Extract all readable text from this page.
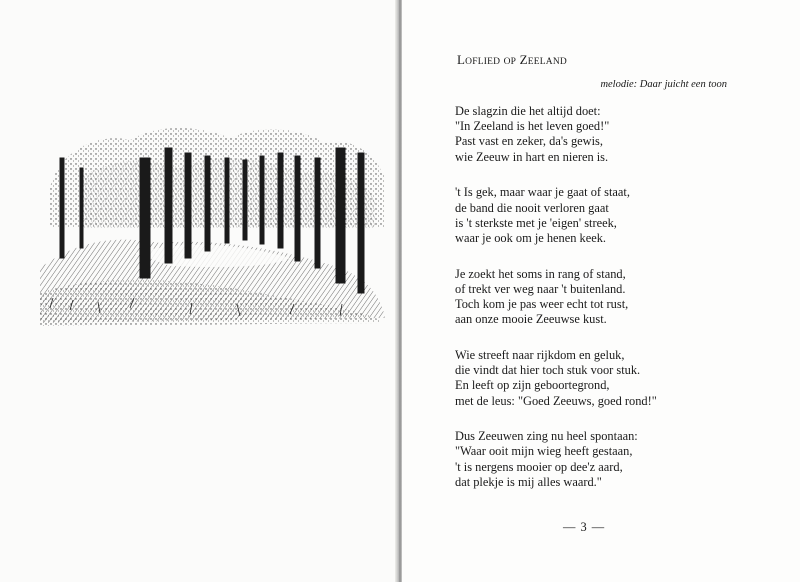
LOFLIED OP ZEELAND

melodie: Daar juicht een toon

De slagzin die het altijd doet:
"In Zeeland is het leven goed!"
Past vast en zeker, da's gewis,
wie Zeeuw in hart en nieren is.
't Is gek, maar waar je gaat of staat,
de band die nooit verloren gaat
is 't sterkste met je 'eigen' streek,
waar je ook om je henen keek.
Je zoekt het soms in rang of stand,
of trekt ver weg naar 't buitenland.
Toch kom je pas weer echt tot rust,
aan onze mooie Zeeuwse kust.
Wie streeft naar rijkdom en geluk,
die vindt dat hier toch stuk voor stuk.
En leeft op zijn geboortegrond,
met de leus: "Goed Zeeuws, goed rond!"
Dus Zeeuwen zing nu heel spontaan:
"Waar ooit mijn wieg heeft gestaan,
't is nergens mooier op dee'z aard,
dat plekje is mij alles waard."
— 3 —
